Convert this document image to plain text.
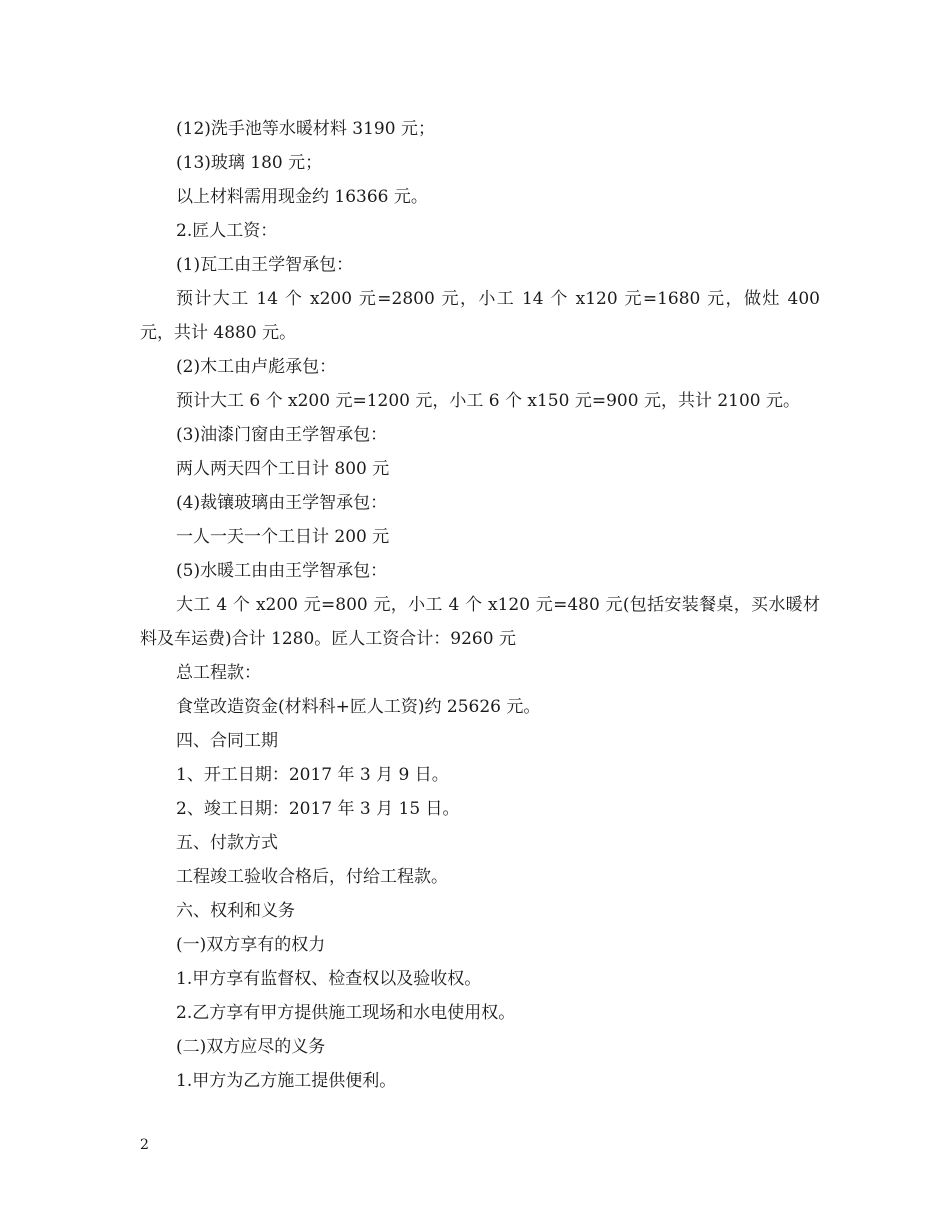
(12)洗手池等水暖材料 3190 元；

(13)玻璃 180 元；

以上材料需用现金约 16366 元。

2.匠人工资：

(1)瓦工由王学智承包：

预计大工 14 个 x200 元=2800 元，小工 14 个 x120 元=1680 元，做灶 400 元，共计 4880 元。

(2)木工由卢彪承包：

预计大工 6 个 x200 元=1200 元，小工 6 个 x150 元=900 元，共计 2100 元。

(3)油漆门窗由王学智承包：

两人两天四个工日计 800 元

(4)裁镶玻璃由王学智承包：

一人一天一个工日计 200 元

(5)水暖工由由王学智承包：

大工 4 个 x200 元=800 元，小工 4 个 x120 元=480 元(包括安装餐桌，买水暖材料及车运费)合计 1280。匠人工资合计：9260 元

总工程款：

食堂改造资金(材料科+匠人工资)约 25626 元。

四、合同工期

1、开工日期：2017 年 3 月 9 日。

2、竣工日期：2017 年 3 月 15 日。

五、付款方式

工程竣工验收合格后，付给工程款。

六、权利和义务

(一)双方享有的权力

1.甲方享有监督权、检查权以及验收权。

2.乙方享有甲方提供施工现场和水电使用权。

(二)双方应尽的义务

1.甲方为乙方施工提供便利。

2
